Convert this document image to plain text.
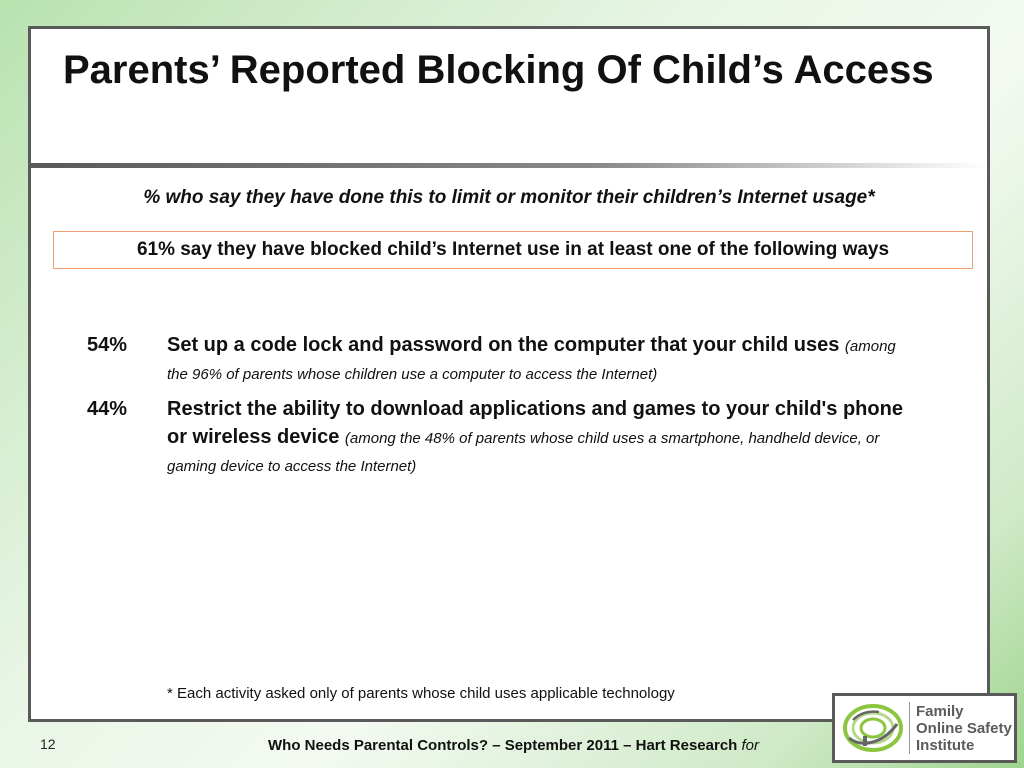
Parents’ Reported Blocking Of Child’s Access
% who say they have done this to limit or monitor their children’s Internet usage*
61% say they have blocked child’s Internet use in at least one of the following ways
54%	Set up a code lock and password on the computer that your child uses (among the 96% of parents whose children use a computer to access the Internet)
44%	Restrict the ability to download applications and games to your child's phone or wireless device (among the 48% of parents whose child uses a smartphone, handheld device, or gaming device to access the Internet)
* Each activity asked only of parents whose child uses applicable technology
12	Who Needs Parental Controls? – September 2011 – Hart Research for
Family
Online Safety
Institute
